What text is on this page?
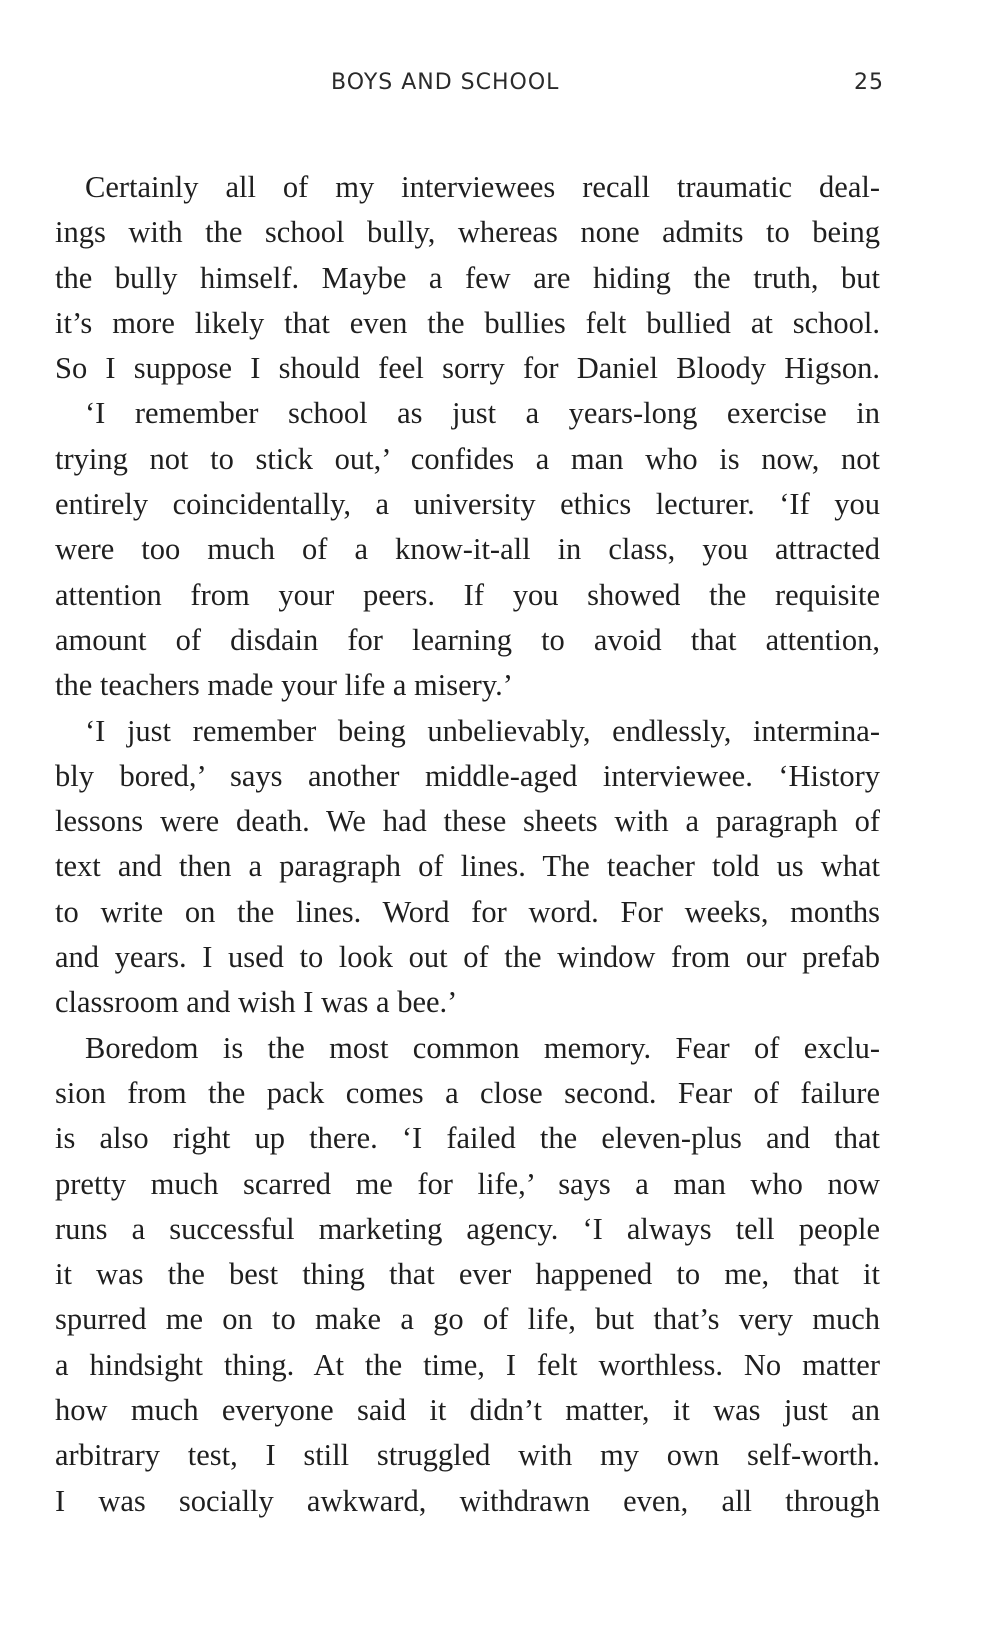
BOYS AND SCHOOL	25
Certainly all of my interviewees recall traumatic deal-
ings with the school bully, whereas none admits to being
the bully himself. Maybe a few are hiding the truth, but
it’s more likely that even the bullies felt bullied at school.
So I suppose I should feel sorry for Daniel Bloody Higson.
‘I remember school as just a years-long exercise in
trying not to stick out,’ confides a man who is now, not
entirely coincidentally, a university ethics lecturer. ‘If you
were too much of a know-it-all in class, you attracted
attention from your peers. If you showed the requisite
amount of disdain for learning to avoid that attention,
the teachers made your life a misery.’
‘I just remember being unbelievably, endlessly, intermina-
bly bored,’ says another middle-aged interviewee. ‘History
lessons were death. We had these sheets with a paragraph of
text and then a paragraph of lines. The teacher told us what
to write on the lines. Word for word. For weeks, months
and years. I used to look out of the window from our prefab
classroom and wish I was a bee.’
Boredom is the most common memory. Fear of exclu-
sion from the pack comes a close second. Fear of failure
is also right up there. ‘I failed the eleven-plus and that
pretty much scarred me for life,’ says a man who now
runs a successful marketing agency. ‘I always tell people
it was the best thing that ever happened to me, that it
spurred me on to make a go of life, but that’s very much
a hindsight thing. At the time, I felt worthless. No matter
how much everyone said it didn’t matter, it was just an
arbitrary test, I still struggled with my own self-worth.
I was socially awkward, withdrawn even, all through
